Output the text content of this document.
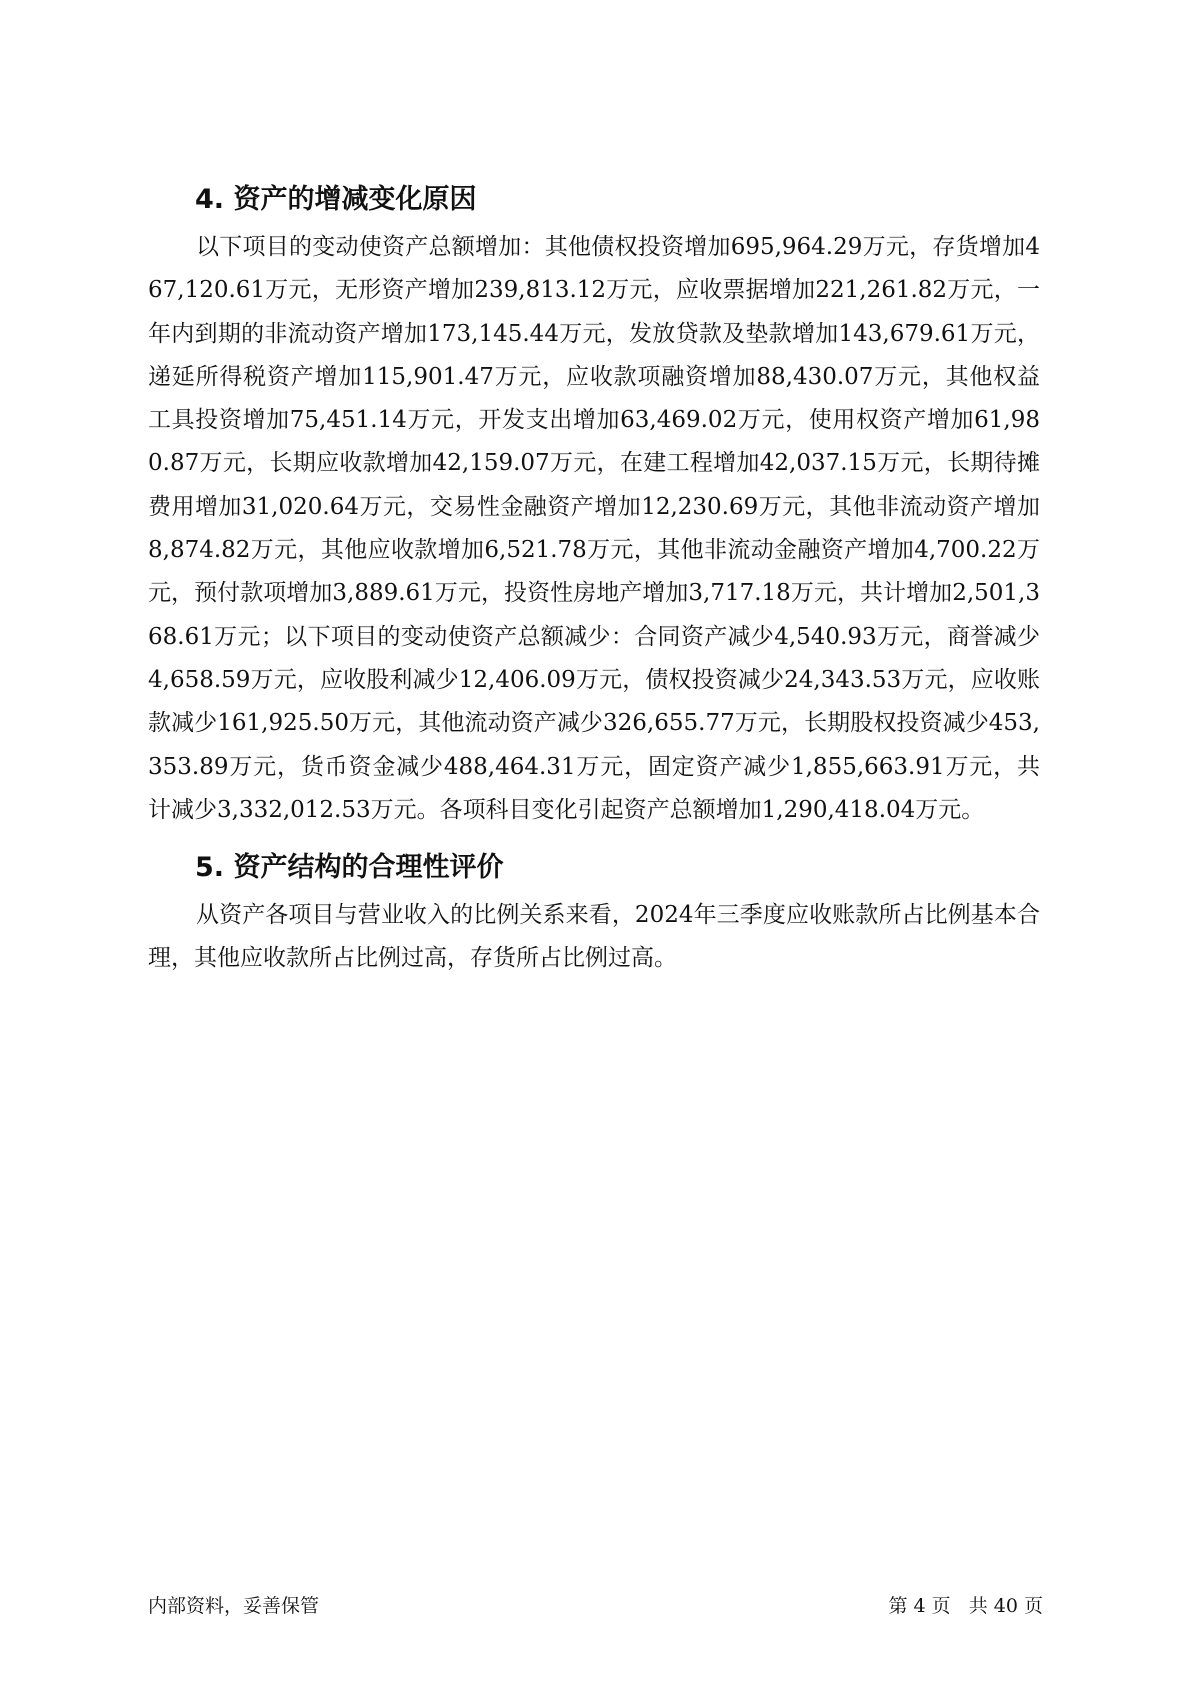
4. 资产的增减变化原因

以下项目的变动使资产总额增加：其他债权投资增加695,964.29万元，存货增加467,120.61万元，无形资产增加239,813.12万元，应收票据增加221,261.82万元，一年内到期的非流动资产增加173,145.44万元，发放贷款及垫款增加143,679.61万元，递延所得税资产增加115,901.47万元，应收款项融资增加88,430.07万元，其他权益工具投资增加75,451.14万元，开发支出增加63,469.02万元，使用权资产增加61,980.87万元，长期应收款增加42,159.07万元，在建工程增加42,037.15万元，长期待摊费用增加31,020.64万元，交易性金融资产增加12,230.69万元，其他非流动资产增加8,874.82万元，其他应收款增加6,521.78万元，其他非流动金融资产增加4,700.22万元，预付款项增加3,889.61万元，投资性房地产增加3,717.18万元，共计增加2,501,368.61万元；以下项目的变动使资产总额减少：合同资产减少4,540.93万元，商誉减少4,658.59万元，应收股利减少12,406.09万元，债权投资减少24,343.53万元，应收账款减少161,925.50万元，其他流动资产减少326,655.77万元，长期股权投资减少453,353.89万元，货币资金减少488,464.31万元，固定资产减少1,855,663.91万元，共计减少3,332,012.53万元。各项科目变化引起资产总额增加1,290,418.04万元。

5. 资产结构的合理性评价

从资产各项目与营业收入的比例关系来看，2024年三季度应收账款所占比例基本合理，其他应收款所占比例过高，存货所占比例过高。

内部资料，妥善保管	第 4 页   共 40 页
